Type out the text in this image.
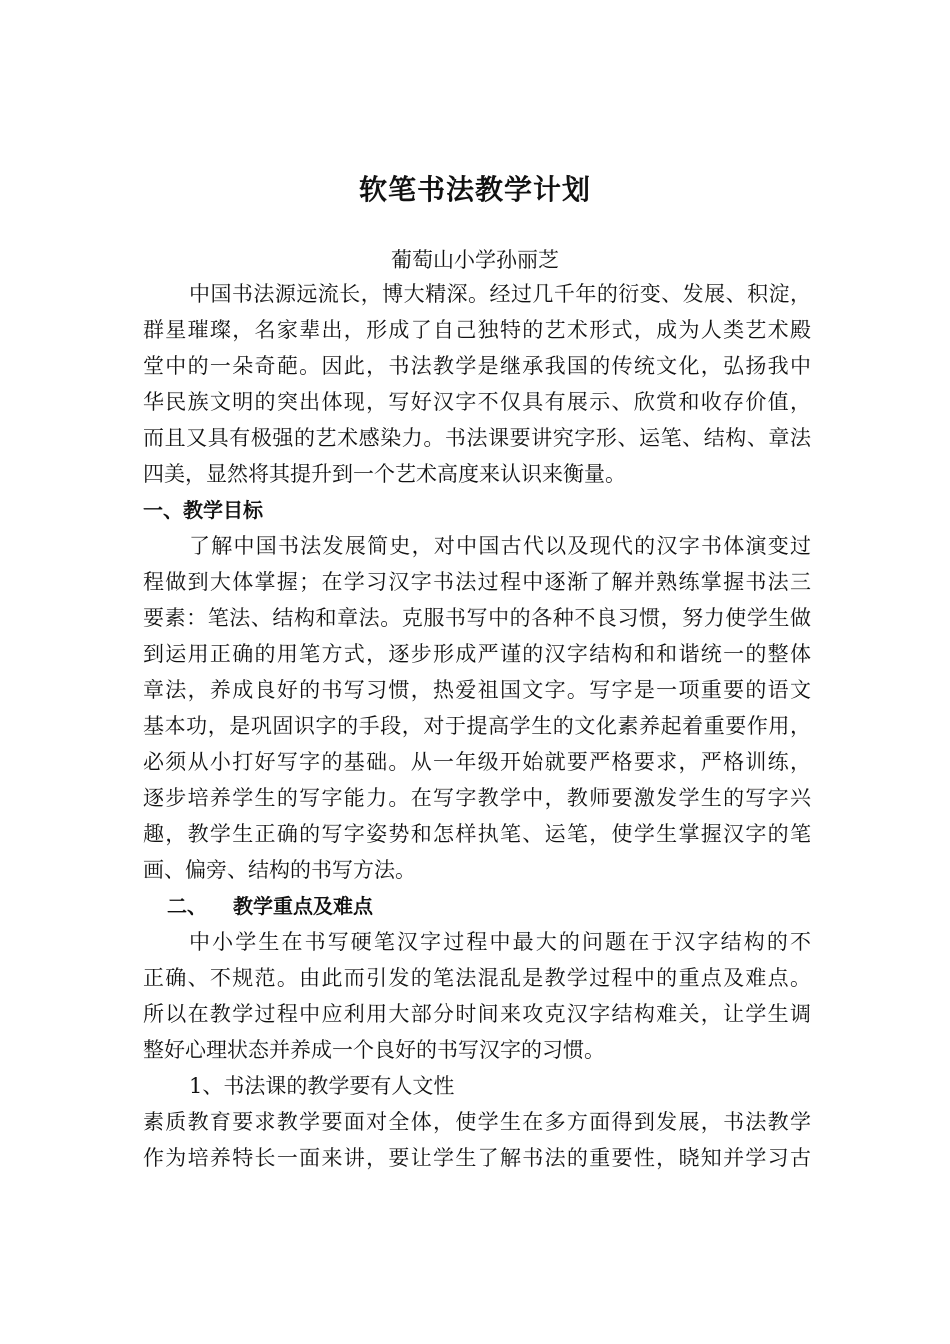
软笔书法教学计划

葡萄山小学孙丽芝

中国书法源远流长，博大精深。经过几千年的衍变、发展、积淀，
群星璀璨，名家辈出，形成了自己独特的艺术形式，成为人类艺术殿
堂中的一朵奇葩。因此，书法教学是继承我国的传统文化，弘扬我中
华民族文明的突出体现，写好汉字不仅具有展示、欣赏和收存价值，
而且又具有极强的艺术感染力。书法课要讲究字形、运笔、结构、章法
四美，显然将其提升到一个艺术高度来认识来衡量。
一、教学目标
了解中国书法发展简史，对中国古代以及现代的汉字书体演变过
程做到大体掌握；在学习汉字书法过程中逐渐了解并熟练掌握书法三
要素：笔法、结构和章法。克服书写中的各种不良习惯，努力使学生做
到运用正确的用笔方式，逐步形成严谨的汉字结构和和谐统一的整体
章法，养成良好的书写习惯，热爱祖国文字。写字是一项重要的语文
基本功，是巩固识字的手段，对于提高学生的文化素养起着重要作用，
必须从小打好写字的基础。从一年级开始就要严格要求，严格训练，
逐步培养学生的写字能力。在写字教学中，教师要激发学生的写字兴
趣，教学生正确的写字姿势和怎样执笔、运笔，使学生掌握汉字的笔
画、偏旁、结构的书写方法。
二、 教学重点及难点
中小学生在书写硬笔汉字过程中最大的问题在于汉字结构的不
正确、不规范。由此而引发的笔法混乱是教学过程中的重点及难点。
所以在教学过程中应利用大部分时间来攻克汉字结构难关，让学生调
整好心理状态并养成一个良好的书写汉字的习惯。
1、书法课的教学要有人文性
素质教育要求教学要面对全体，使学生在多方面得到发展，书法教学
作为培养特长一面来讲，要让学生了解书法的重要性，晓知并学习古
